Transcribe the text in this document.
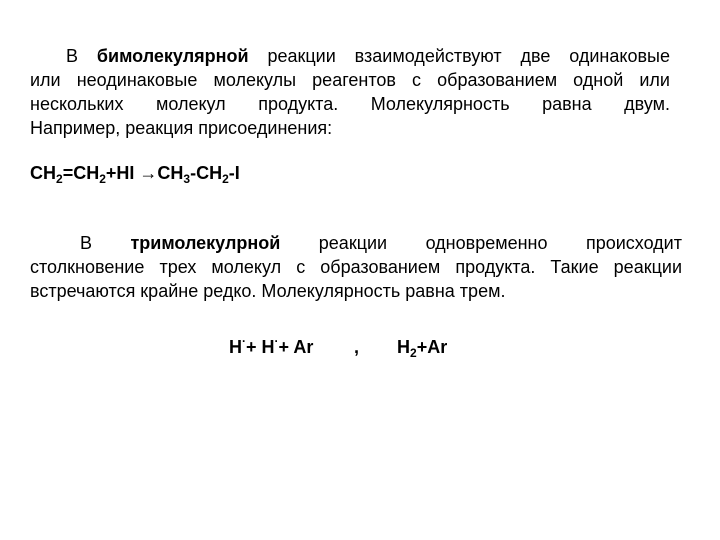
В бимолекулярной реакции взаимодействуют две одинаковые
или неодинаковые молекулы реагентов с образованием одной или
нескольких молекул продукта. Молекулярность равна двум.
Например, реакция присоединения:
$CH_2=CH_2+HI \to CH_3-CH_2-I$
В тримолекулрной реакции одновременно происходит
столкновение трех молекул с образованием продукта. Такие реакции
встречаются крайне редко. Молекулярность равна трем.
H·+ H·+ Ar , $H_2+Ar$
